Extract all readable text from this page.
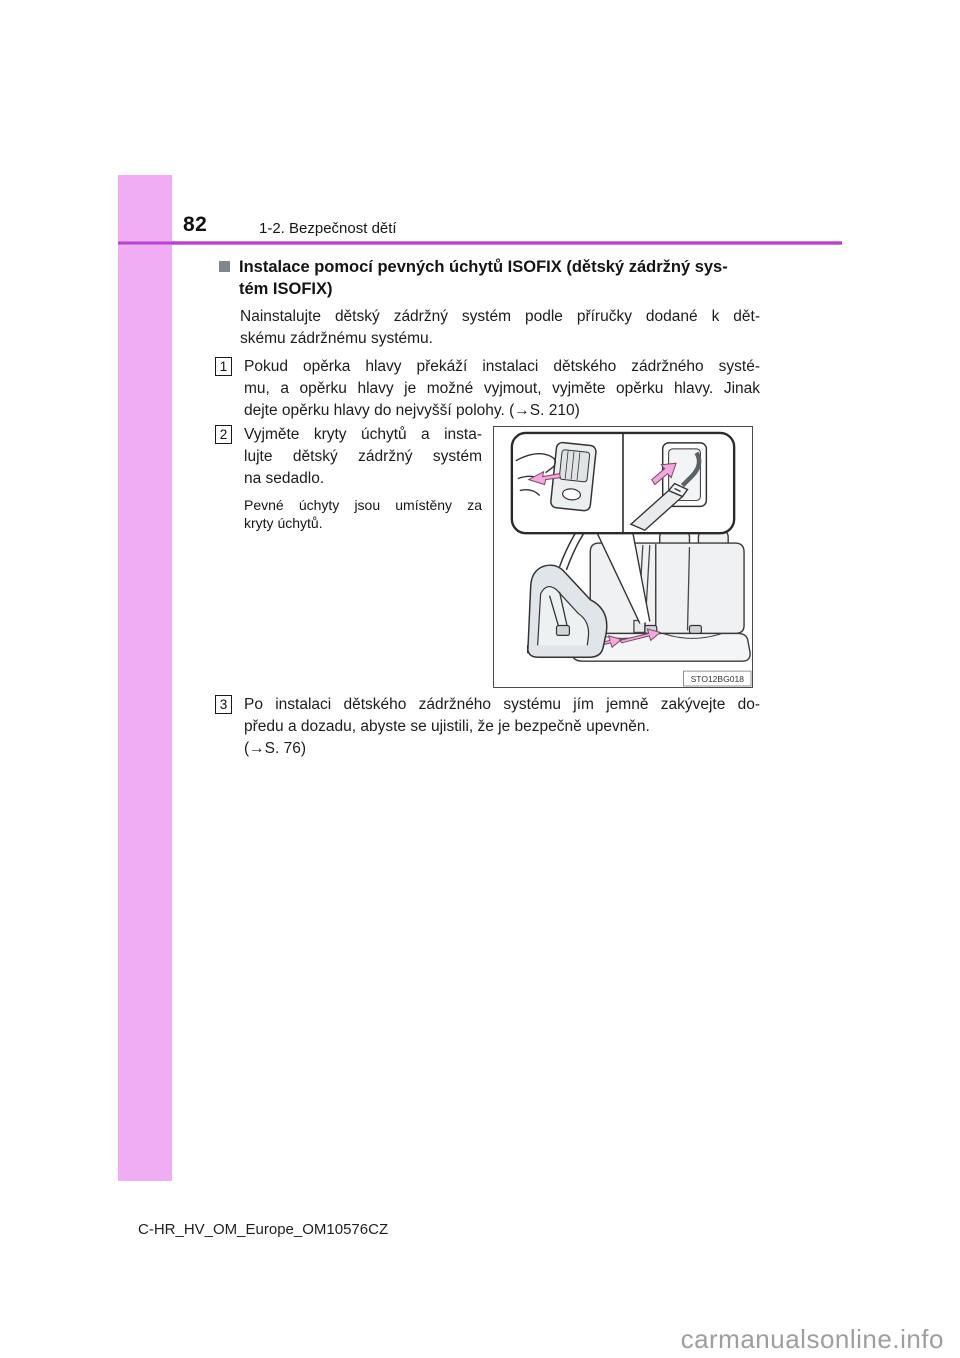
82	1-2. Bezpečnost dětí
Instalace pomocí pevných úchytů ISOFIX (dětský zádržný sys-
tém ISOFIX)
Nainstalujte dětský zádržný systém podle příručky dodané k dět-
skému zádržnému systému.
1 Pokud opěrka hlavy překáží instalaci dětského zádržného systé-
mu, a opěrku hlavy je možné vyjmout, vyjměte opěrku hlavy. Jinak
dejte opěrku hlavy do nejvyšší polohy. (→S. 210)
2 Vyjměte kryty úchytů a insta-
lujte dětský zádržný systém
na sedadlo.
Pevné úchyty jsou umístěny za
kryty úchytů.
STO12BG018
3 Po instalaci dětského zádržného systému jím jemně zakývejte do-
předu a dozadu, abyste se ujistili, že je bezpečně upevněn.
(→S. 76)
C-HR_HV_OM_Europe_OM10576CZ
carmanualsonline.info
